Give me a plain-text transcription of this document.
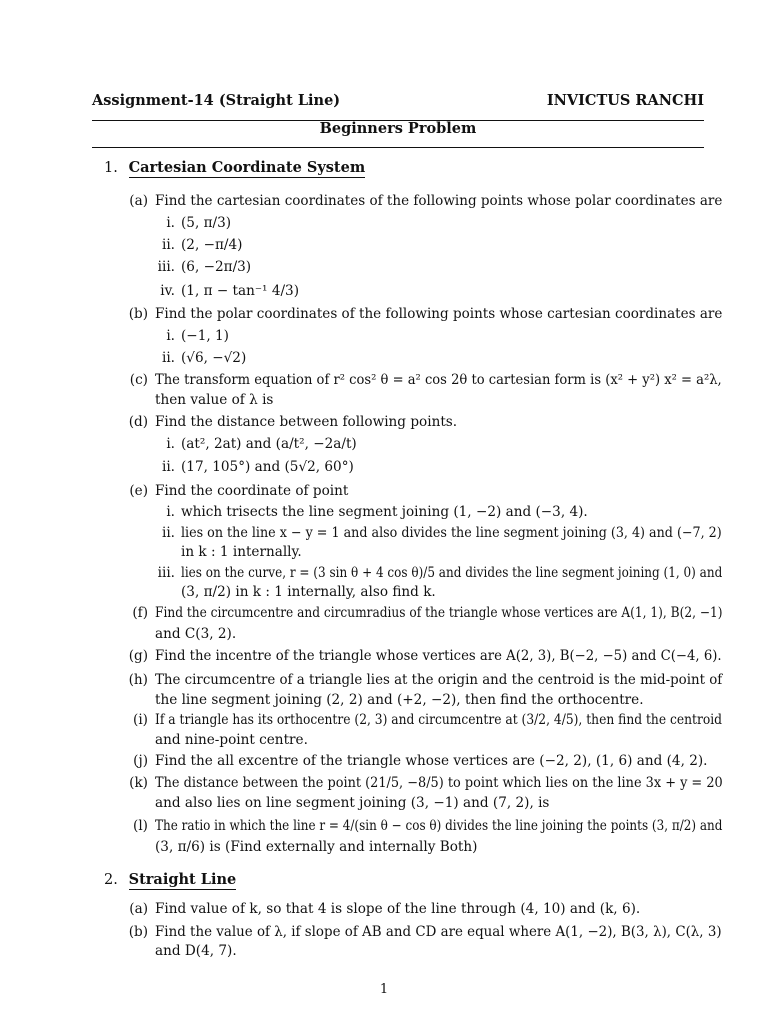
Assignment-14 (Straight Line)	INVICTUS RANCHI
Beginners Problem
1. Cartesian Coordinate System
(a) Find the cartesian coordinates of the following points whose polar coordinates are
i. (5, π/3)
ii. (2, −π/4)
iii. (6, −2π/3)
iv. (1, π − tan⁻¹ 4/3)
(b) Find the polar coordinates of the following points whose cartesian coordinates are
i. (−1, 1)
ii. (√6, −√2)
(c) The transform equation of r² cos² θ = a² cos 2θ to cartesian form is (x² + y²) x² = a²λ,
then value of λ is
(d) Find the distance between following points.
i. (at², 2at) and (a/t², −2a/t)
ii. (17, 105°) and (5√2, 60°)
(e) Find the coordinate of point
i. which trisects the line segment joining (1, −2) and (−3, 4).
ii. lies on the line x − y = 1 and also divides the line segment joining (3, 4) and (−7, 2)
in k : 1 internally.
iii. lies on the curve, r = (3 sin θ + 4 cos θ)/5 and divides the line segment joining (1, 0) and
(3, π/2) in k : 1 internally, also find k.
(f) Find the circumcentre and circumradius of the triangle whose vertices are A(1, 1), B(2, −1)
and C(3, 2).
(g) Find the incentre of the triangle whose vertices are A(2, 3), B(−2, −5) and C(−4, 6).
(h) The circumcentre of a triangle lies at the origin and the centroid is the mid-point of
the line segment joining (2, 2) and (+2, −2), then find the orthocentre.
(i) If a triangle has its orthocentre (2, 3) and circumcentre at (3/2, 4/5), then find the centroid
and nine-point centre.
(j) Find the all excentre of the triangle whose vertices are (−2, 2), (1, 6) and (4, 2).
(k) The distance between the point (21/5, −8/5) to point which lies on the line 3x + y = 20
and also lies on line segment joining (3, −1) and (7, 2), is
(l) The ratio in which the line r = 4/(sin θ − cos θ) divides the line joining the points (3, π/2) and
(3, π/6) is (Find externally and internally Both)
2. Straight Line
(a) Find value of k, so that 4 is slope of the line through (4, 10) and (k, 6).
(b) Find the value of λ, if slope of AB and CD are equal where A(1, −2), B(3, λ), C(λ, 3)
and D(4, 7).
1
